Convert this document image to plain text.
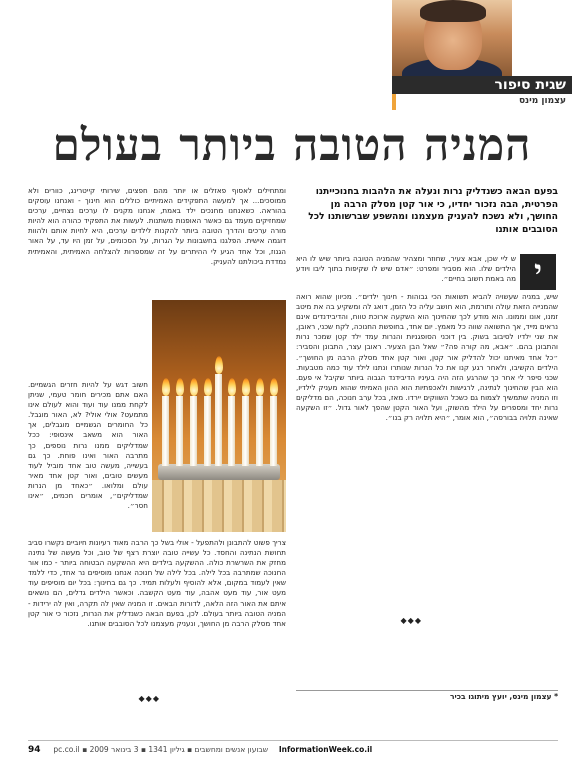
שגית סיפור
עצמון מינס
המניה הטובה ביותר בעולם
בפעם הבאה כשנדליק נרות ונעלה את הלהבות בחנוכייתנו הפרטית, הבה נזכור יחדיו, כי אור קטן מסלק הרבה מן החושך, ולא נשכח להעניק מעצמנו ומהשפע שברשותנו לכל הסובבים אותנו
י
ש ליי שכן, אבא צעיר, שחוזר ומצהיר שהמניה הטובה ביותר שיש לו היא הילדים שלו. הוא מסביר ומפרט: ״אדם שיש לו שקיפות בתוך ליבו ויודע מה באמת חשוב בחיים״.
שיש, במניה שעשויה להביא תשואות הכי גבוהות - חינוך ילדים״. מכיוון שהוא רואה שהמנייה הזאת עולה ותורמת, הוא חושב עליה כל הזמן, דואג לה ומשקיע בה את מיטב זמנו, אונו וממונו. הוא מודע לכך שהחינוך הוא השקעה ארוכת טווח, והדיבידנדים אינם נראים מייד, אך התשואה שווה כל מאמץ. יום אחד, בחופשת החנוכה, לקח שכני, ראובן, את שני ילדיו לסיבוב בשוק. בין דוכני הסופגניות והנרות עמד ילד קטן שמכר נרות והתבונן בהם. ״אבא, מה קורה פה?״ שאל הבן הצעיר. ראובן עצר, התבונן והסביר: ״כל אחד מאיתנו יכול להדליק אור קטן, ואור קטן אחד מסלק הרבה מן החושך״. הילדים הקשיבו, ולאחר רגע קנו את כל הנרות שנותרו ונתנו לילד עוד כמה מטבעות. שכני סיפר לי אחר כך שהרגע הזה היה בעיניו הדיבידנד הגבוה ביותר שקיבל אי פעם. הוא הבין שהחינוך לנתינה, לרגישות ולאכפתיות הוא ההון האמיתי שהוא מעניק לילדיו, וזו המניה שתמשיך לצמוח גם כשכל השווקים יירדו. מאז, בכל ערב חנוכה, הם מדליקים נרות יחד ומספרים על הילד מהשוק, ועל האור הקטן שהפך לאור גדול. ״זו השקעה שאינה תלויה בבורסה״, הוא אומר, ״היא תלויה רק בנו״.
◆◆◆
ומתחילים לאסוף פאזלים או יותר מהם חפצים, שירותי קייטרינג, כוורים ולא ממוסכים... אך למעשה התפקידים האמיתיים כוללים הוא חינוך - ואנחנו עוסקים בהוראה. כשאנחנו מחנכים ילד באמת, אנחנו מקנים לו ערכים נצחיים, ערכים שמחזיקים מעמד גם כאשר האופנות משתנות. לעשות את התפקיד כהורה הוא להיות מורה ערכים והדרך הטובה ביותר להקנות לילדים ערכים, היא לחיות אותם ולהוות דוגמה אישית. הפלגנו בחשבונות על הגרות, על הסכומים, על זמן היו עד, על האור הגנוז, וכל אחד הגיע לי ההיתרים על זה שמספרות להצלחה האמיתית, והאמיתית נמדדת ביכולתנו להעניק.
חשוב דגש על להיות חזרים הגשמיים. האם אתם מכירים חומר טעמי, שניתן לקחת ממנו עוד ועוד והוא לעולם אינו מתמעט? אולי אולי? לא, האור מוגבל. כל החומרים הגשמיים מוגבלים, אך האור הוא משאב אינסופי: ככל שמדליקים ממנו נרות נוספים, כך מתרבה האור ואינו פוחת. כך גם בעשייה, מעשה טוב אחד מוביל לעוד מעשים טובים, ואור קטן אחד מאיר עולם ומלואו. ״כאחד מן הנרות שמדליקים״, אומרים חכמים, ״אינו חסר״.
צריך פשוט להתבונן ולהתפעל - אולי בשל כך הרבה מאוד רעיונות חיוביים נקשרו סביב תחושת הנתינה והחסד. כל עשייה טובה יוצרת רצף של טוב, וכל מעשה של נתינה מחזק את השרשרת כולה. ההשקעה בילדים היא ההשקעה הבטוחה ביותר - כמו אור החנוכה שמתרבה בכל לילה. בכל לילה של חנוכה אנחנו מוסיפים נר אחד, כדי ללמד שאין לעמוד במקום, אלא להוסיף ולעלות תמיד. כך גם בחינוך: בכל יום מוסיפים עוד מעט אור, עוד מעט אהבה, עוד מעט הקשבה. וכאשר הילדים גדלים, הם נושאים איתם את האור הזה הלאה, לדורות הבאים. זו המניה שאין לה תקרה, ואין לה ירידות - המניה הטובה ביותר בעולם. לכן, בפעם הבאה כשנדליק את הנרות, נזכור כי אור קטן אחד מסלק הרבה מן החושך, ונעניק מעצמנו לכל הסובבים אותנו.
◆◆◆	* עצמון מינס, יועץ מיתוגו בכיר
94 שבועון אנשים ומחשבים ▪ גיליון 1341 ▪ 3 בינואר 2009 ▪ pc.co.il InformationWeek.co.il
